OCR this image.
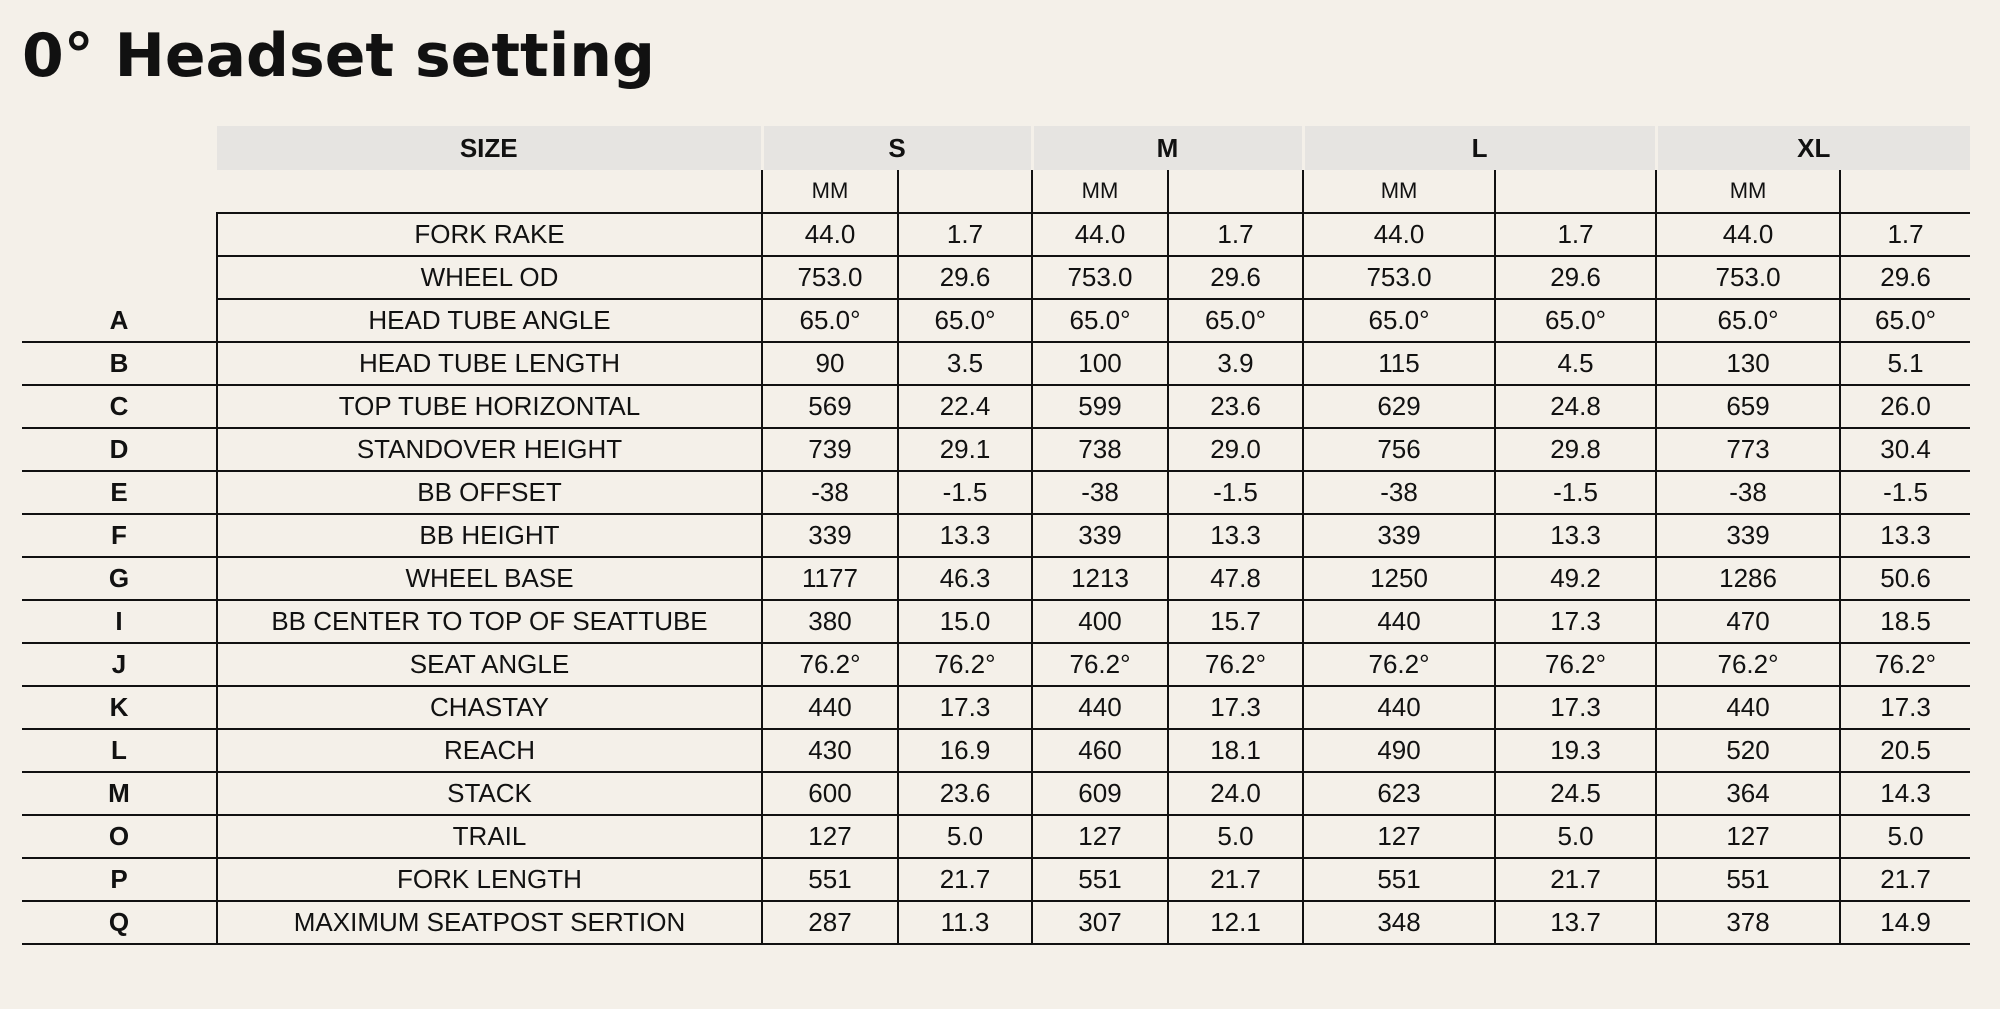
0° Headset setting
	SIZE	S		M		L		XL	
		MM		MM		MM		MM	
	FORK RAKE	44.0	1.7	44.0	1.7	44.0	1.7	44.0	1.7
	WHEEL OD	753.0	29.6	753.0	29.6	753.0	29.6	753.0	29.6
A	HEAD TUBE ANGLE	65.0°	65.0°	65.0°	65.0°	65.0°	65.0°	65.0°	65.0°
B	HEAD TUBE LENGTH	90	3.5	100	3.9	115	4.5	130	5.1
C	TOP TUBE HORIZONTAL	569	22.4	599	23.6	629	24.8	659	26.0
D	STANDOVER HEIGHT	739	29.1	738	29.0	756	29.8	773	30.4
E	BB OFFSET	-38	-1.5	-38	-1.5	-38	-1.5	-38	-1.5
F	BB HEIGHT	339	13.3	339	13.3	339	13.3	339	13.3
G	WHEEL BASE	1177	46.3	1213	47.8	1250	49.2	1286	50.6
I	BB CENTER TO TOP OF SEATTUBE	380	15.0	400	15.7	440	17.3	470	18.5
J	SEAT ANGLE	76.2°	76.2°	76.2°	76.2°	76.2°	76.2°	76.2°	76.2°
K	CHASTAY	440	17.3	440	17.3	440	17.3	440	17.3
L	REACH	430	16.9	460	18.1	490	19.3	520	20.5
M	STACK	600	23.6	609	24.0	623	24.5	364	14.3
O	TRAIL	127	5.0	127	5.0	127	5.0	127	5.0
P	FORK LENGTH	551	21.7	551	21.7	551	21.7	551	21.7
Q	MAXIMUM SEATPOST SERTION	287	11.3	307	12.1	348	13.7	378	14.9
